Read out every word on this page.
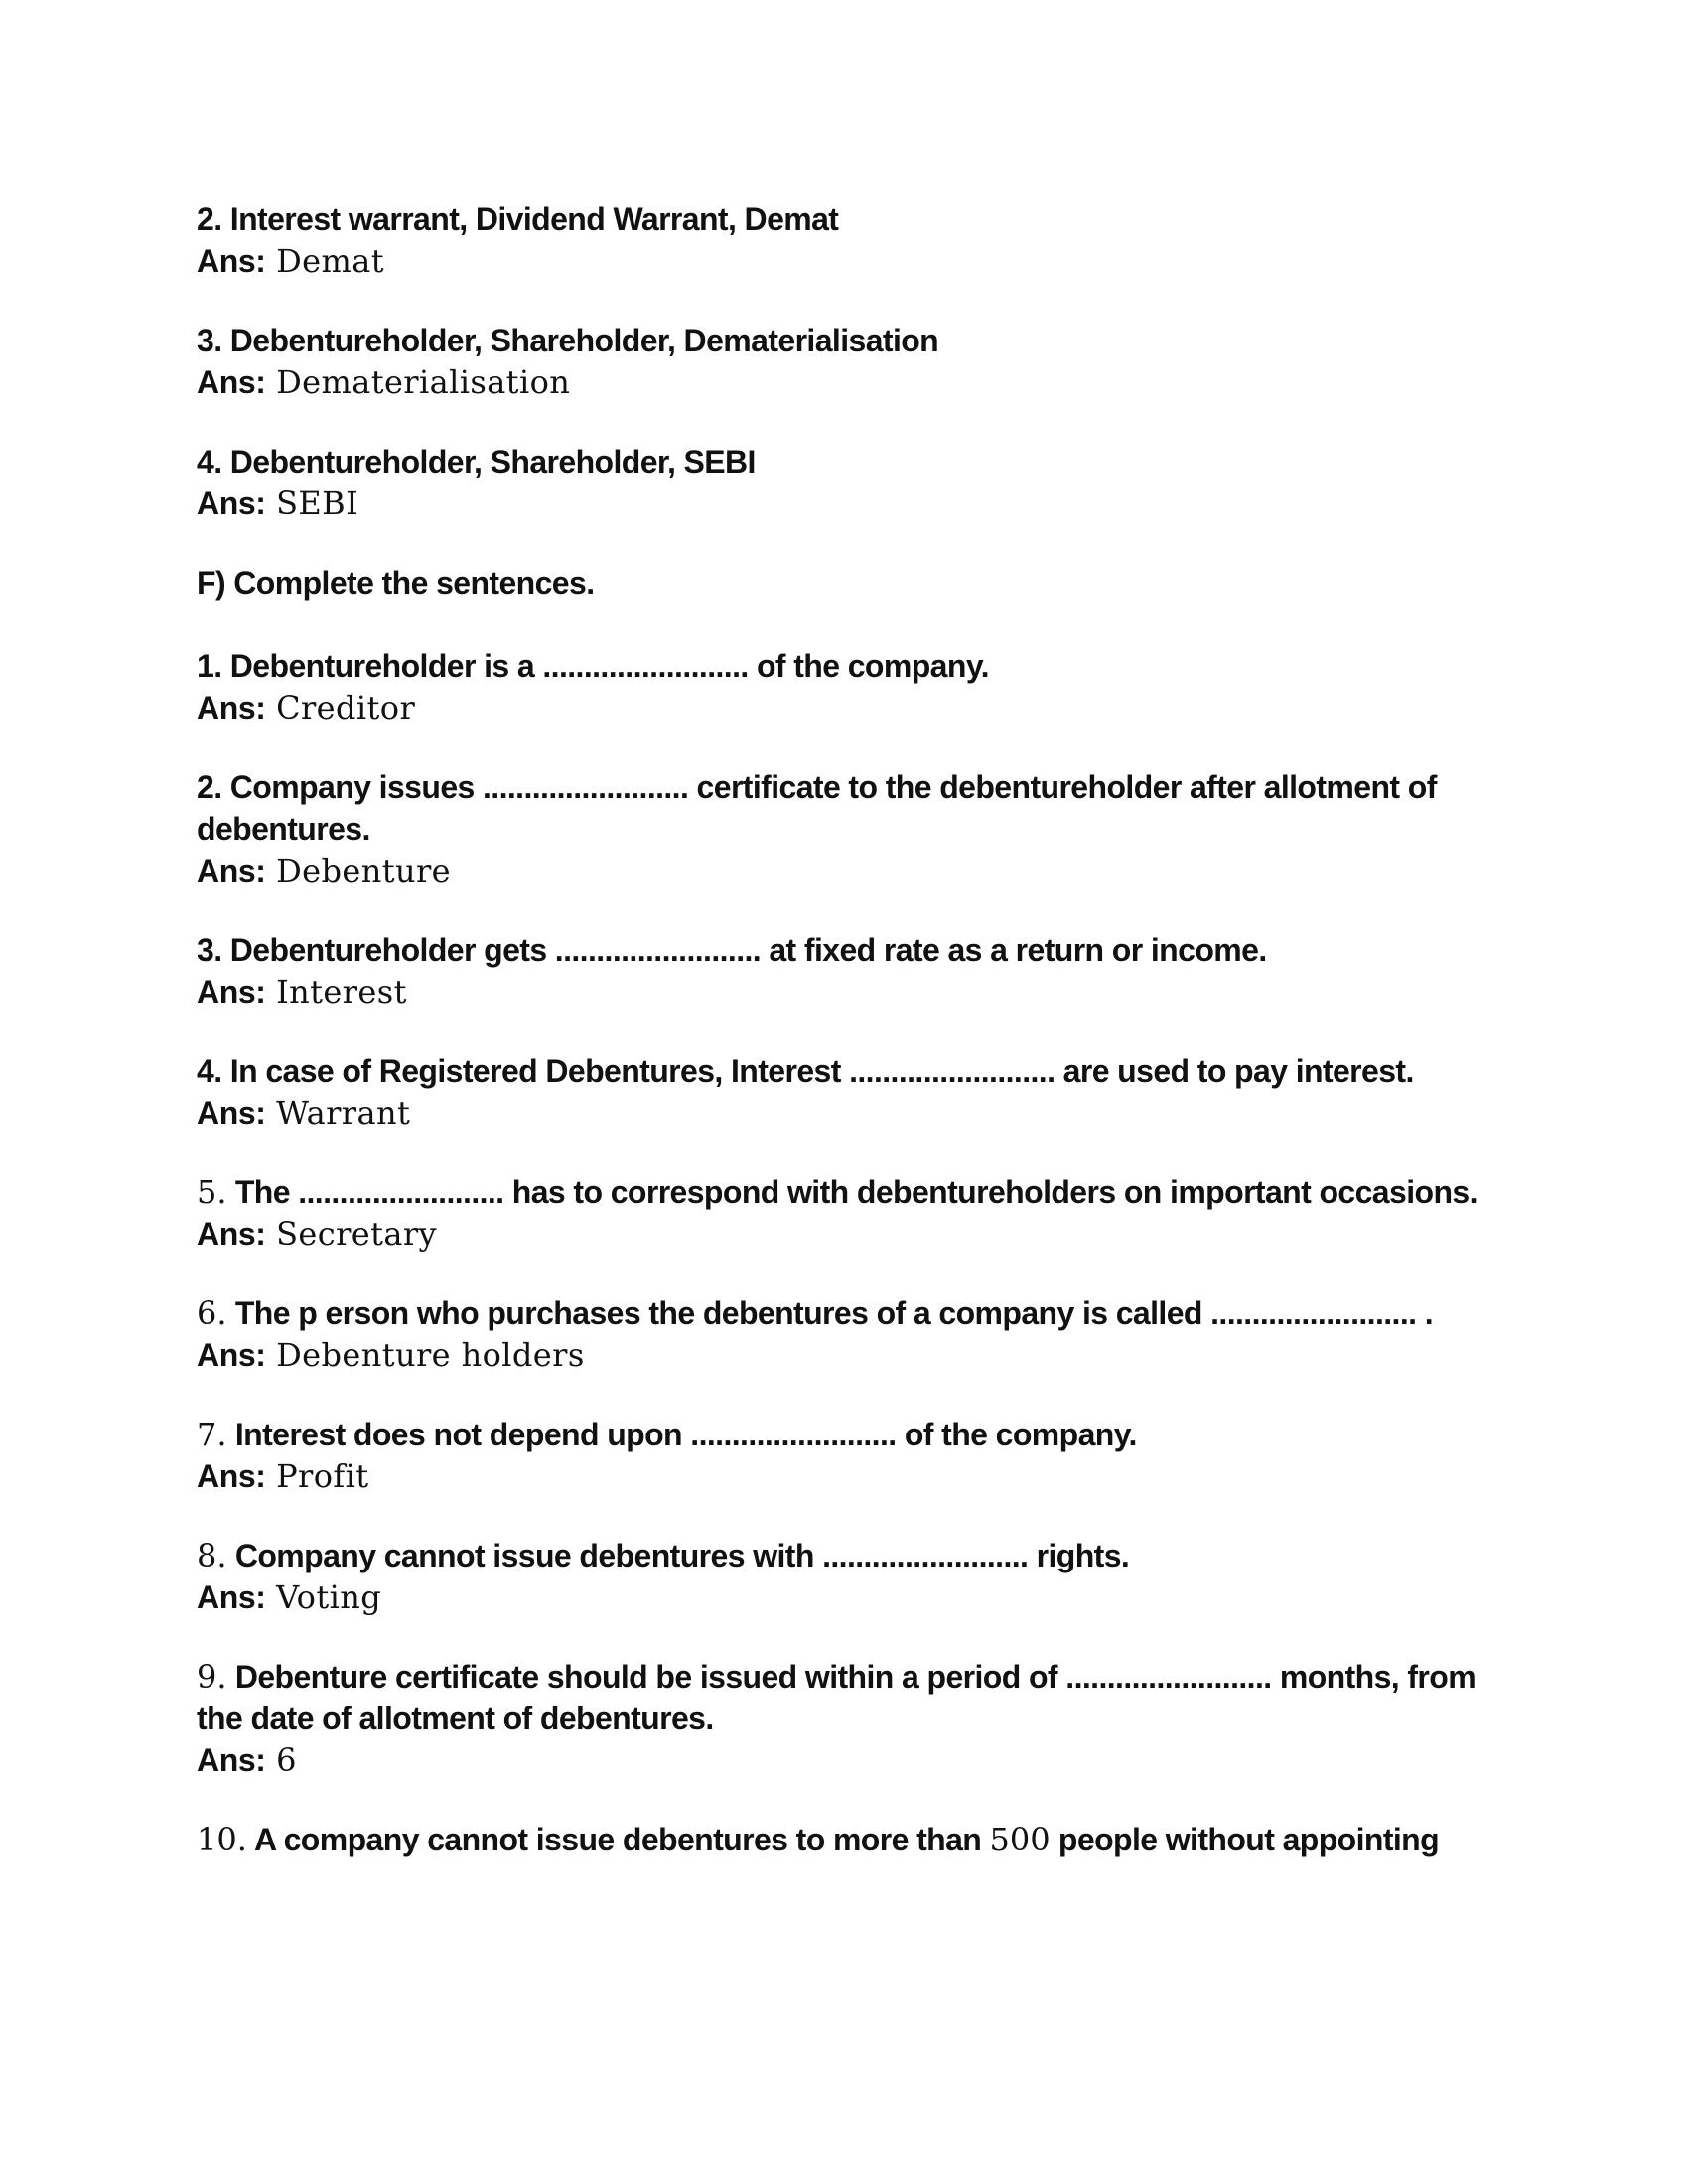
2. Interest warrant, Dividend Warrant, Demat

Ans: Demat

3. Debentureholder, Shareholder, Dematerialisation

Ans: Dematerialisation

4. Debentureholder, Shareholder, SEBI

Ans: SEBI

F) Complete the sentences.

1. Debentureholder is a ......................... of the company.

Ans: Creditor

2. Company issues ......................... certificate to the debentureholder after allotment of debentures.

Ans: Debenture

3. Debentureholder gets ......................... at fixed rate as a return or income.

Ans: Interest

4. In case of Registered Debentures, Interest ......................... are used to pay interest.

Ans: Warrant

5. The ......................... has to correspond with debentureholders on important occasions.

Ans: Secretary

6. The p erson who purchases the debentures of a company is called ......................... .

Ans: Debenture holders

7. Interest does not depend upon ......................... of the company.

Ans: Profit

8. Company cannot issue debentures with ......................... rights.

Ans: Voting

9. Debenture certificate should be issued within a period of ......................... months, from the date of allotment of debentures.

Ans: 6

10. A company cannot issue debentures to more than 500 people without appointing
